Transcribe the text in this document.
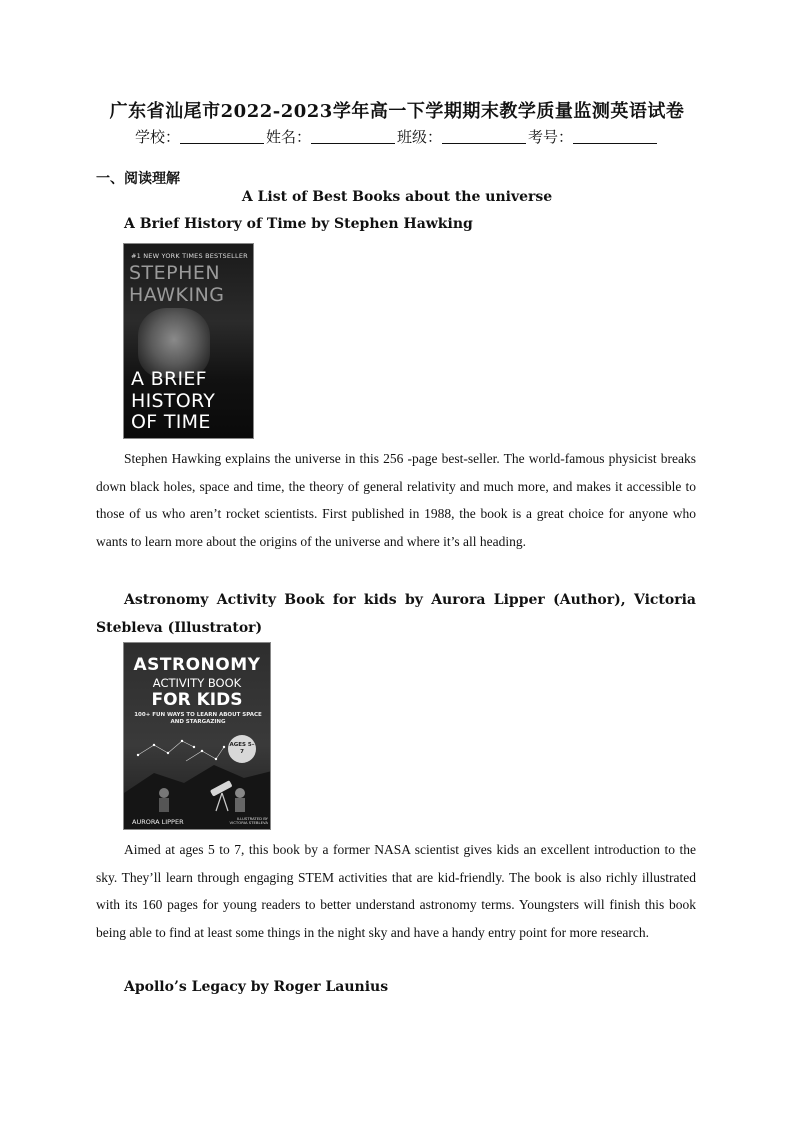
广东省汕尾市2022-2023学年高一下学期期末教学质量监测英语试卷
学校：	姓名：	班级：	考号：
一、阅读理解
A List of Best Books about the universe
A Brief History of Time by Stephen Hawking
#1 NEW YORK TIMES BESTSELLER
STEPHEN
HAWKING
A BRIEF
HISTORY
OF TIME
Stephen Hawking explains the universe in this 256 -page best-seller. The world-famous physicist breaks down black holes, space and time, the theory of general relativity and much more, and makes it accessible to those of us who aren’t rocket scientists. First published in 1988, the book is a great choice for anyone who wants to learn more about the origins of the universe and where it’s all heading.
Astronomy Activity Book for kids by Aurora Lipper (Author), Victoria Stebleva (Illustrator)
ASTRONOMY
ACTIVITY BOOK
FOR KIDS
100+ FUN WAYS TO LEARN ABOUT SPACE AND STARGAZING
AGES 5–7
AURORA LIPPER	ILLUSTRATED BY VICTORIA STEBLEVA
Aimed at ages 5 to 7, this book by a former NASA scientist gives kids an excellent introduction to the sky. They’ll learn through engaging STEM activities that are kid-friendly. The book is also richly illustrated with its 160 pages for young readers to better understand astronomy terms. Youngsters will finish this book being able to find at least some things in the night sky and have a handy entry point for more research.
Apollo’s Legacy by Roger Launius
